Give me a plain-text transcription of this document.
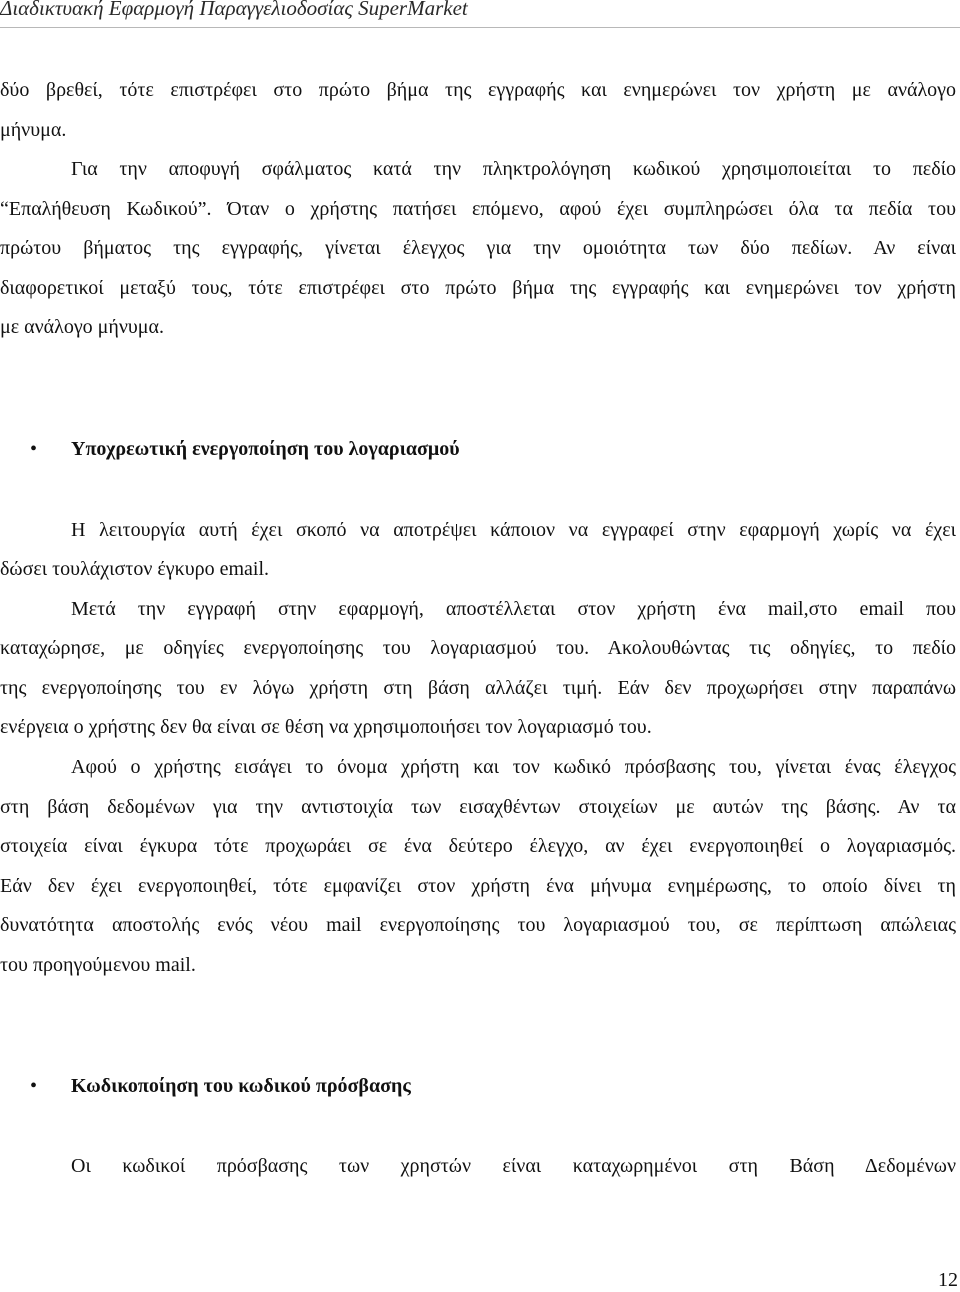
Διαδικτυακή Εφαρμογή Παραγγελιοδοσίας SuperMarket
δύο βρεθεί, τότε επιστρέφει στο πρώτο βήμα της εγγραφής και ενημερώνει τον χρήστη με ανάλογο
μήνυμα.
Για την αποφυγή σφάλματος κατά την πληκτρολόγηση κωδικού χρησιμοποιείται το πεδίο
“Επαλήθευση Κωδικού”. Όταν ο χρήστης πατήσει επόμενο, αφού έχει συμπληρώσει όλα τα πεδία του
πρώτου βήματος της εγγραφής, γίνεται έλεγχος για την ομοιότητα των δύο πεδίων. Αν είναι
διαφορετικοί μεταξύ τους, τότε επιστρέφει στο πρώτο βήμα της εγγραφής και ενημερώνει τον χρήστη
με ανάλογο μήνυμα.
• Υποχρεωτική ενεργοποίηση του λογαριασμού
Η λειτουργία αυτή έχει σκοπό να αποτρέψει κάποιον να εγγραφεί στην εφαρμογή χωρίς να έχει
δώσει τουλάχιστον έγκυρο email.
Μετά την εγγραφή στην εφαρμογή, αποστέλλεται στον χρήστη ένα mail,στο email που
καταχώρησε, με οδηγίες ενεργοποίησης του λογαριασμού του. Ακολουθώντας τις οδηγίες, το πεδίο
της ενεργοποίησης του εν λόγω χρήστη στη βάση αλλάζει τιμή. Εάν δεν προχωρήσει στην παραπάνω
ενέργεια ο χρήστης δεν θα είναι σε θέση να χρησιμοποιήσει τον λογαριασμό του.
Αφού ο χρήστης εισάγει το όνομα χρήστη και τον κωδικό πρόσβασης του, γίνεται ένας έλεγχος
στη βάση δεδομένων για την αντιστοιχία των εισαχθέντων στοιχείων με αυτών της βάσης. Αν τα
στοιχεία είναι έγκυρα τότε προχωράει σε ένα δεύτερο έλεγχο, αν έχει ενεργοποιηθεί ο λογαριασμός.
Εάν δεν έχει ενεργοποιηθεί, τότε εμφανίζει στον χρήστη ένα μήνυμα ενημέρωσης, το οποίο δίνει τη
δυνατότητα αποστολής ενός νέου mail ενεργοποίησης του λογαριασμού του, σε περίπτωση απώλειας
του προηγούμενου mail.
• Κωδικοποίηση του κωδικού πρόσβασης
Οι κωδικοί πρόσβασης των χρηστών είναι καταχωρημένοι στη Βάση Δεδομένων
12
